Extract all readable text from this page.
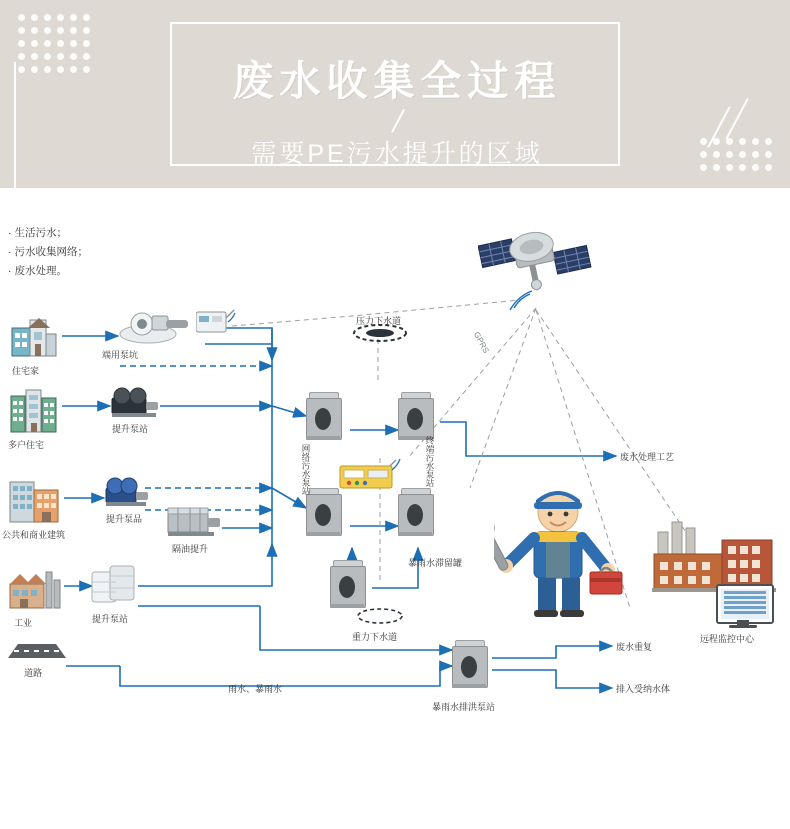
废水收集全过程
需要PE污水提升的区域
· 生活污水；
· 污水收集网络；
· 废水处理。
住宅家
多户住宅
公共和商业建筑
工业
道路
端用泵坑
提升泵站
提升泵品
隔油提升
提升泵站
网络污水泵站	终端污水泵站
暴雨水滞留罐
暴雨水排洪泵站
压力下水道
重力下水道
雨水、暴雨水
GPRS
远程监控中心
废水处理工艺
废水重复
排入受纳水体
